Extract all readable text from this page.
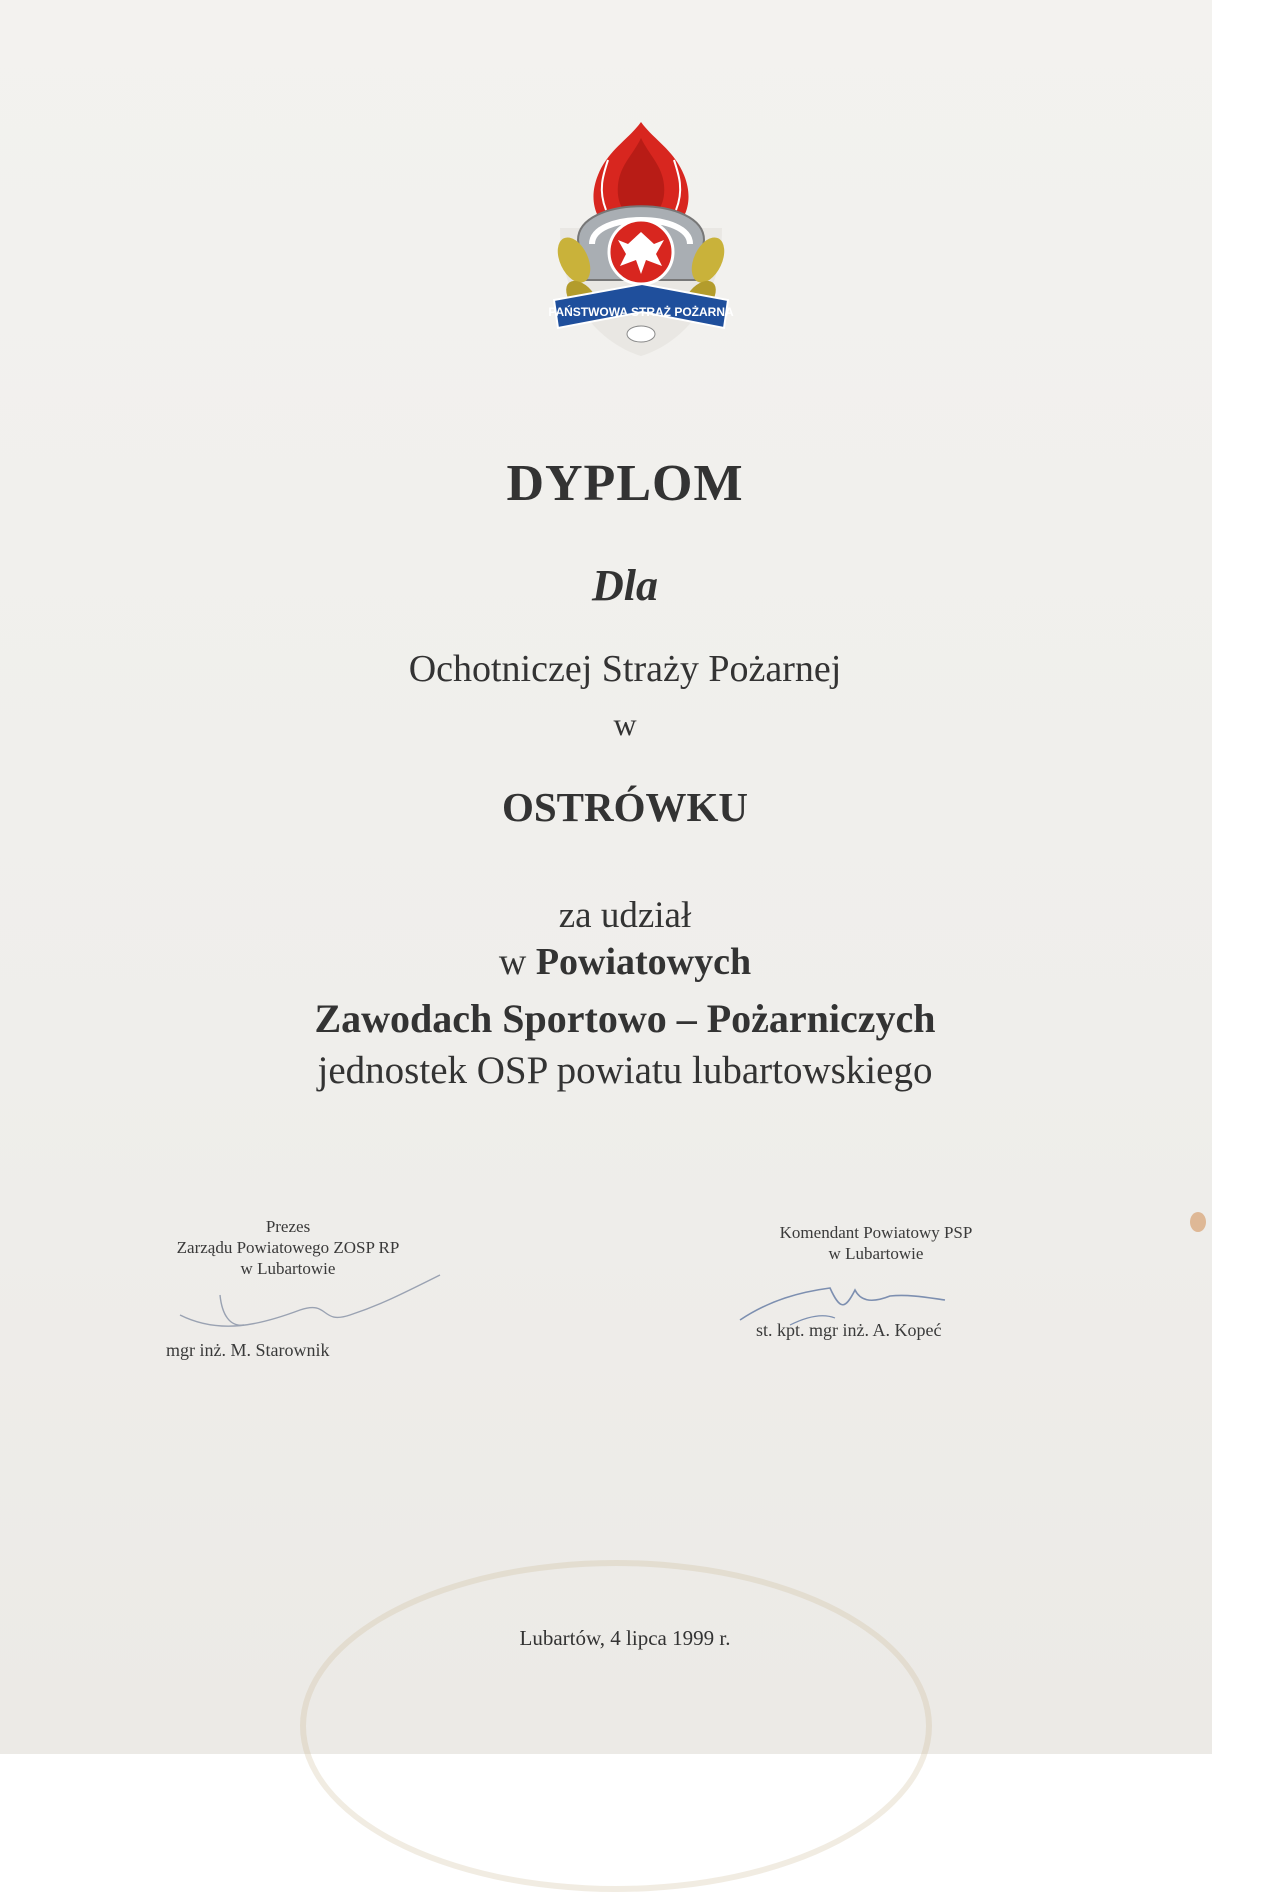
PAŃSTWOWA STRAŻ POŻARNA
DYPLOM
Dla
Ochotniczej Straży Pożarnej
w
OSTRÓWKU
za udział
w Powiatowych
Zawodach Sportowo – Pożarniczych
jednostek OSP powiatu lubartowskiego
Prezes
Zarządu Powiatowego ZOSP RP
w Lubartowie
mgr inż. M. Starownik
Komendant Powiatowy PSP
w Lubartowie
st. kpt. mgr inż. A. Kopeć
Lubartów, 4 lipca 1999 r.
